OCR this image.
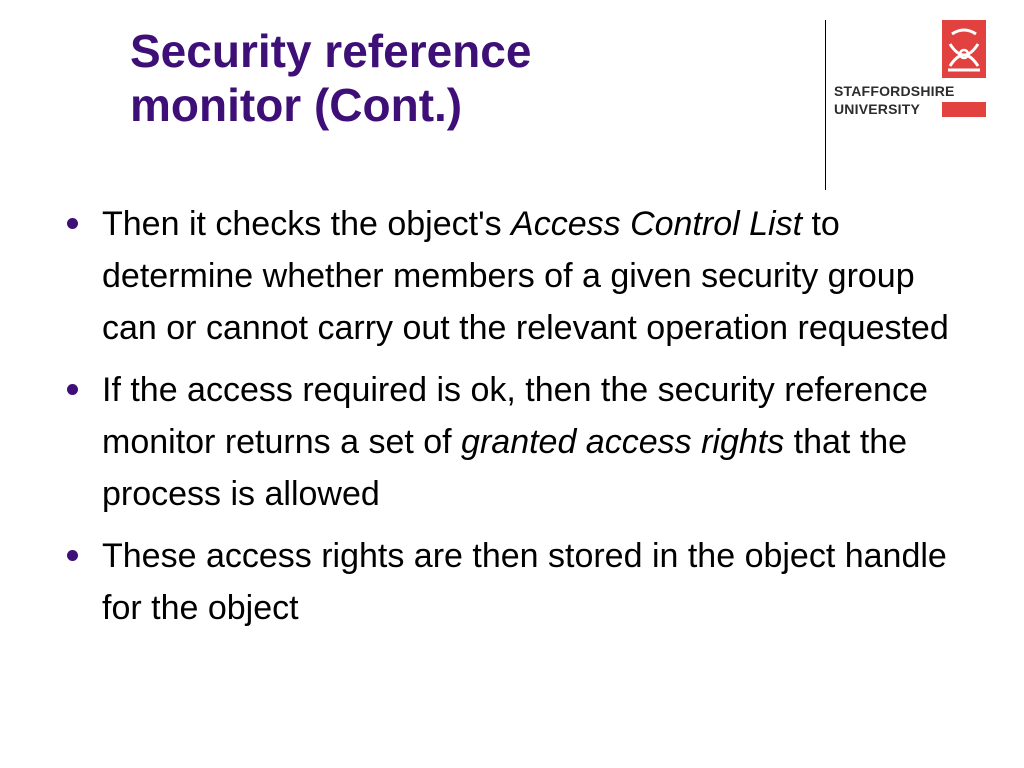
Security reference
monitor (Cont.)	STAFFORDSHIRE
UNIVERSITY
Then it checks the object's Access Control List to determine whether members of a given security group can or cannot carry out the relevant operation requested
If the access required is ok, then the security reference monitor returns a set of granted access rights that the process is allowed
These access rights are then stored in the object handle for the object
